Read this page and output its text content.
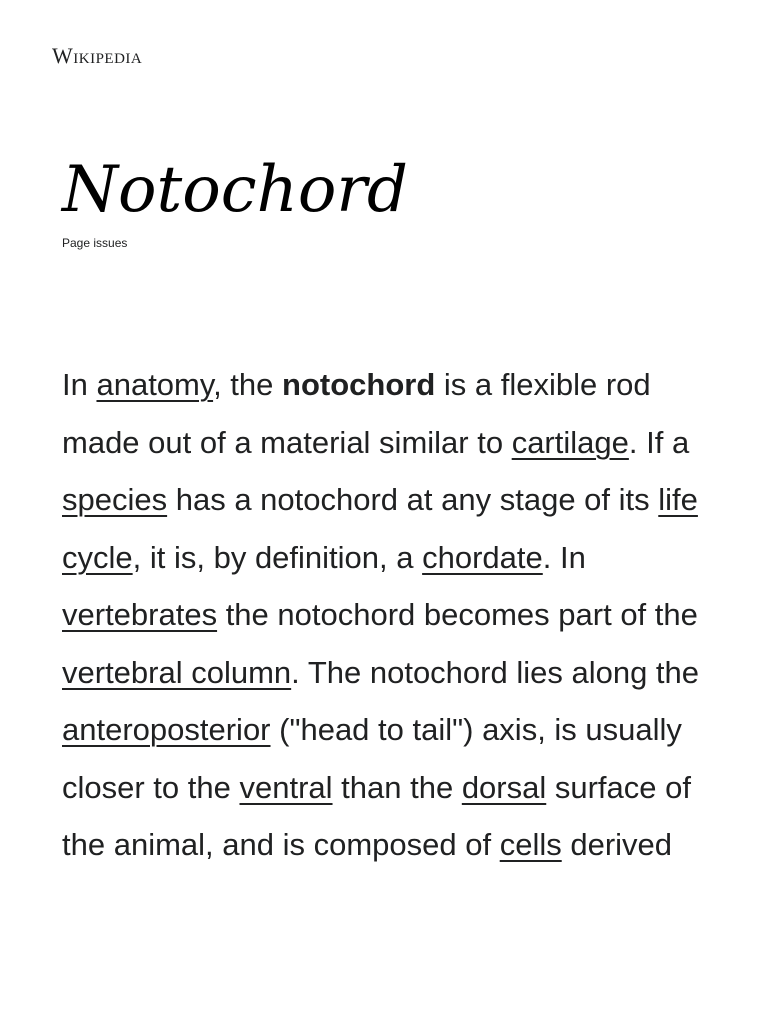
Wikipedia
Notochord
Page issues

In anatomy, the notochord is a flexible rod made out of a material similar to cartilage. If a species has a notochord at any stage of its life cycle, it is, by definition, a chordate. In vertebrates the notochord becomes part of the vertebral column. The notochord lies along the anteroposterior ("head to tail") axis, is usually closer to the ventral than the dorsal surface of the animal, and is composed of cells derived
